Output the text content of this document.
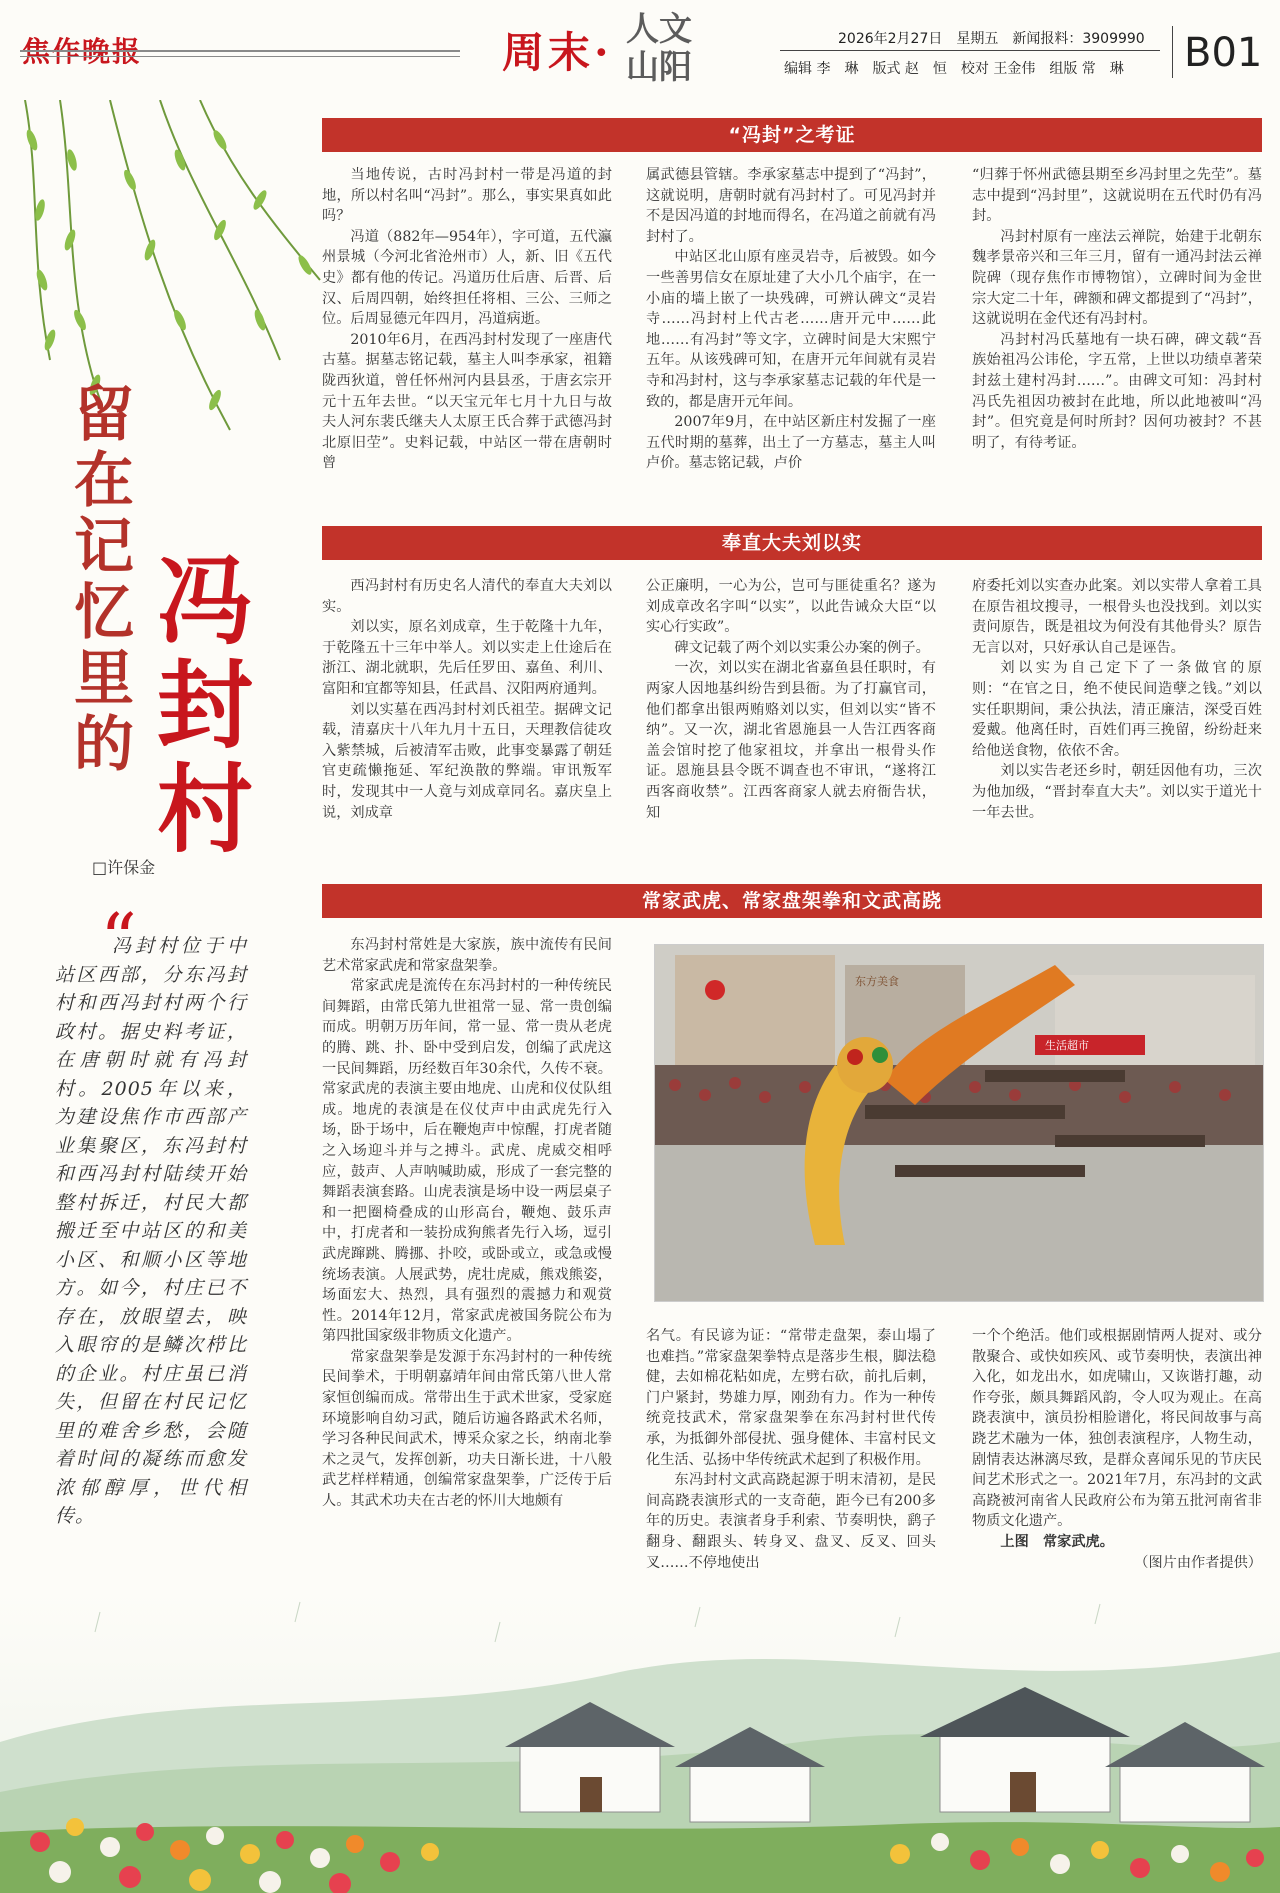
周末· 人文
山阳
2026年2月27日　星期五　新闻报料：3909990
编辑 李　琳　版式 赵　恒　校对 王金伟　组版 常　琳 B01
留在记忆里的
冯封村
□许保金
“
冯封村位于中站区西部，分东冯封村和西冯封村两个行政村。据史料考证，在唐朝时就有冯封村。2005年以来，为建设焦作市西部产业集聚区，东冯封村和西冯封村陆续开始整村拆迁，村民大都搬迁至中站区的和美小区、和顺小区等地方。如今，村庄已不存在，放眼望去，映入眼帘的是鳞次栉比的企业。村庄虽已消失，但留在村民记忆里的难舍乡愁，会随着时间的凝练而愈发浓郁醇厚，世代相传。
“冯封”之考证

当地传说，古时冯封村一带是冯道的封地，所以村名叫“冯封”。那么，事实果真如此吗？

冯道（882年—954年），字可道，五代瀛州景城（今河北省沧州市）人，新、旧《五代史》都有他的传记。冯道历仕后唐、后晋、后汉、后周四朝，始终担任将相、三公、三师之位。后周显德元年四月，冯道病逝。

2010年6月，在西冯封村发现了一座唐代古墓。据墓志铭记载，墓主人叫李承家，祖籍陇西狄道，曾任怀州河内县县丞，于唐玄宗开元十五年去世。“以天宝元年七月十九日与故夫人河东裴氏继夫人太原王氏合葬于武德冯封北原旧茔”。史料记载，中站区一带在唐朝时曾

属武德县管辖。李承家墓志中提到了“冯封”，这就说明，唐朝时就有冯封村了。可见冯封并不是因冯道的封地而得名，在冯道之前就有冯封村了。

中站区北山原有座灵岩寺，后被毁。如今一些善男信女在原址建了大小几个庙宇，在一小庙的墙上嵌了一块残碑，可辨认碑文“灵岩寺……冯封村上代古老……唐开元中……此地……有冯封”等文字，立碑时间是大宋熙宁五年。从该残碑可知，在唐开元年间就有灵岩寺和冯封村，这与李承家墓志记载的年代是一致的，都是唐开元年间。

2007年9月，在中站区新庄村发掘了一座五代时期的墓葬，出土了一方墓志，墓主人叫卢价。墓志铭记载，卢价

“归葬于怀州武德县期至乡冯封里之先茔”。墓志中提到“冯封里”，这就说明在五代时仍有冯封。

冯封村原有一座法云禅院，始建于北朝东魏孝景帝兴和三年三月，留有一通冯封法云禅院碑（现存焦作市博物馆），立碑时间为金世宗大定二十年，碑额和碑文都提到了“冯封”，这就说明在金代还有冯封村。

冯封村冯氏墓地有一块石碑，碑文载“吾族始祖冯公讳伦，字五常，上世以功绩卓著荣封兹土建村冯封……”。由碑文可知：冯封村冯氏先祖因功被封在此地，所以此地被叫“冯封”。但究竟是何时所封？因何功被封？不甚明了，有待考证。

奉直大夫刘以实

西冯封村有历史名人清代的奉直大夫刘以实。

刘以实，原名刘成章，生于乾隆十九年，于乾隆五十三年中举人。刘以实走上仕途后在浙江、湖北就职，先后任罗田、嘉鱼、利川、富阳和宜都等知县，任武昌、汉阳两府通判。

刘以实墓在西冯封村刘氏祖茔。据碑文记载，清嘉庆十八年九月十五日，天理教信徒攻入紫禁城，后被清军击败，此事变暴露了朝廷官吏疏懒拖延、军纪涣散的弊端。审讯叛军时，发现其中一人竟与刘成章同名。嘉庆皇上说，刘成章

公正廉明，一心为公，岂可与匪徒重名？遂为刘成章改名字叫“以实”，以此告诫众大臣“以实心行实政”。

碑文记载了两个刘以实秉公办案的例子。

一次，刘以实在湖北省嘉鱼县任职时，有两家人因地基纠纷告到县衙。为了打赢官司，他们都拿出银两贿赂刘以实，但刘以实“皆不纳”。又一次，湖北省恩施县一人告江西客商盖会馆时挖了他家祖坟，并拿出一根骨头作证。恩施县县令既不调查也不审讯，“遂将江西客商收禁”。江西客商家人就去府衙告状，知

府委托刘以实查办此案。刘以实带人拿着工具在原告祖坟搜寻，一根骨头也没找到。刘以实责问原告，既是祖坟为何没有其他骨头？原告无言以对，只好承认自己是诬告。

刘以实为自己定下了一条做官的原则：“在官之日，绝不使民间造孽之钱。”刘以实任职期间，秉公执法，清正廉洁，深受百姓爱戴。他离任时，百姓们再三挽留，纷纷赶来给他送食物，依依不舍。

刘以实告老还乡时，朝廷因他有功，三次为他加级，“晋封奉直大夫”。刘以实于道光十一年去世。

常家武虎、常家盘架拳和文武高跷

东冯封村常姓是大家族，族中流传有民间艺术常家武虎和常家盘架拳。

常家武虎是流传在东冯封村的一种传统民间舞蹈，由常氏第九世祖常一显、常一贵创编而成。明朝万历年间，常一显、常一贵从老虎的腾、跳、扑、卧中受到启发，创编了武虎这一民间舞蹈，历经数百年30余代，久传不衰。常家武虎的表演主要由地虎、山虎和仪仗队组成。地虎的表演是在仪仗声中由武虎先行入场，卧于场中，后在鞭炮声中惊醒，打虎者随之入场迎斗并与之搏斗。武虎、虎威交相呼应，鼓声、人声呐喊助威，形成了一套完整的舞蹈表演套路。山虎表演是场中设一两层桌子和一把圈椅叠成的山形高台，鞭炮、鼓乐声中，打虎者和一装扮成狗熊者先行入场，逗引武虎蹿跳、腾挪、扑咬，或卧或立，或急或慢统场表演。人展武势，虎壮虎威，熊戏熊姿，场面宏大、热烈，具有强烈的震撼力和观赏性。2014年12月，常家武虎被国务院公布为第四批国家级非物质文化遗产。

常家盘架拳是发源于东冯封村的一种传统民间拳术，于明朝嘉靖年间由常氏第八世人常家恒创编而成。常带出生于武术世家，受家庭环境影响自幼习武，随后访遍各路武术名师，学习各种民间武术，博采众家之长，纳南北拳术之灵气，发挥创新，功夫日渐长进，十八般武艺样样精通，创编常家盘架拳，广泛传于后人。其武术功夫在古老的怀川大地颇有

东方美食
生活超市

名气。有民谚为证：“常带走盘架，泰山塌了也难挡。”常家盘架拳特点是落步生根，脚法稳健，去如棉花粘如虎，左劈右砍，前扎后刺，门户紧封，势雄力厚，刚劲有力。作为一种传统竞技武术，常家盘架拳在东冯封村世代传承，为抵御外部侵扰、强身健体、丰富村民文化生活、弘扬中华传统武术起到了积极作用。

东冯封村文武高跷起源于明末清初，是民间高跷表演形式的一支奇葩，距今已有200多年的历史。表演者身手利索、节奏明快，鹞子翻身、翻跟头、转身叉、盘叉、反叉、回头叉……不停地使出

一个个绝活。他们或根据剧情两人捉对、或分散聚合、或快如疾风、或节奏明快，表演出神入化，如龙出水，如虎啸山，又诙谐打趣，动作夸张，颇具舞蹈风韵，令人叹为观止。在高跷表演中，演员扮相脸谱化，将民间故事与高跷艺术融为一体，独创表演程序，人物生动，剧情表达淋漓尽致，是群众喜闻乐见的节庆民间艺术形式之一。2021年7月，东冯封的文武高跷被河南省人民政府公布为第五批河南省非物质文化遗产。

上图　常家武虎。

（图片由作者提供）
